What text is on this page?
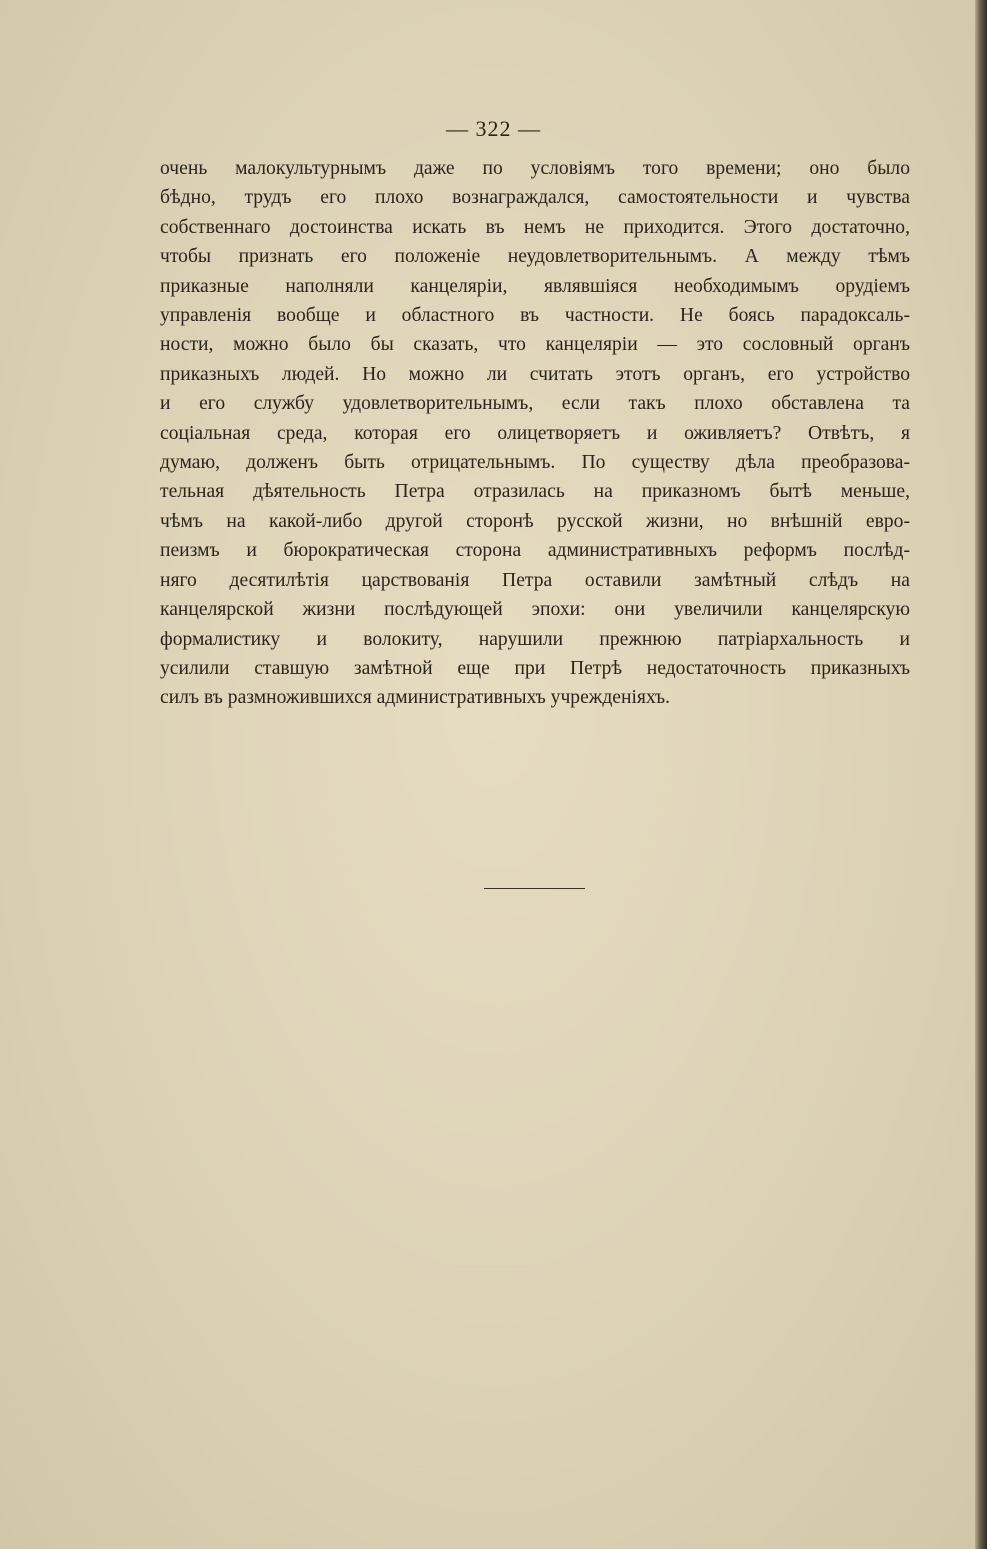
— 322 —
очень малокультурнымъ даже по условіямъ того времени; оно было
бѣдно, трудъ его плохо вознаграждался, самостоятельности и чувства
собственнаго достоинства искать въ немъ не приходится. Этого достаточно,
чтобы признать его положеніе неудовлетворительнымъ. А между тѣмъ
приказные наполняли канцеляріи, являвшіяся необходимымъ орудіемъ
управленія вообще и областного въ частности. Не боясь парадоксаль-
ности, можно было бы сказать, что канцеляріи — это сословный органъ
приказныхъ людей. Но можно ли считать этотъ органъ, его устройство
и его службу удовлетворительнымъ, если такъ плохо обставлена та
соціальная среда, которая его олицетворяетъ и оживляетъ? Отвѣтъ, я
думаю, долженъ быть отрицательнымъ. По существу дѣла преобразова-
тельная дѣятельность Петра отразилась на приказномъ бытѣ меньше,
чѣмъ на какой-либо другой сторонѣ русской жизни, но внѣшній евро-
пеизмъ и бюрократическая сторона административныхъ реформъ послѣд-
няго десятилѣтія царствованія Петра оставили замѣтный слѣдъ на
канцелярской жизни послѣдующей эпохи: они увеличили канцелярскую
формалистику и волокиту, нарушили прежнюю патріархальность и
усилили ставшую замѣтной еще при Петрѣ недостаточность приказныхъ
силъ въ размножившихся административныхъ учрежденіяхъ.
